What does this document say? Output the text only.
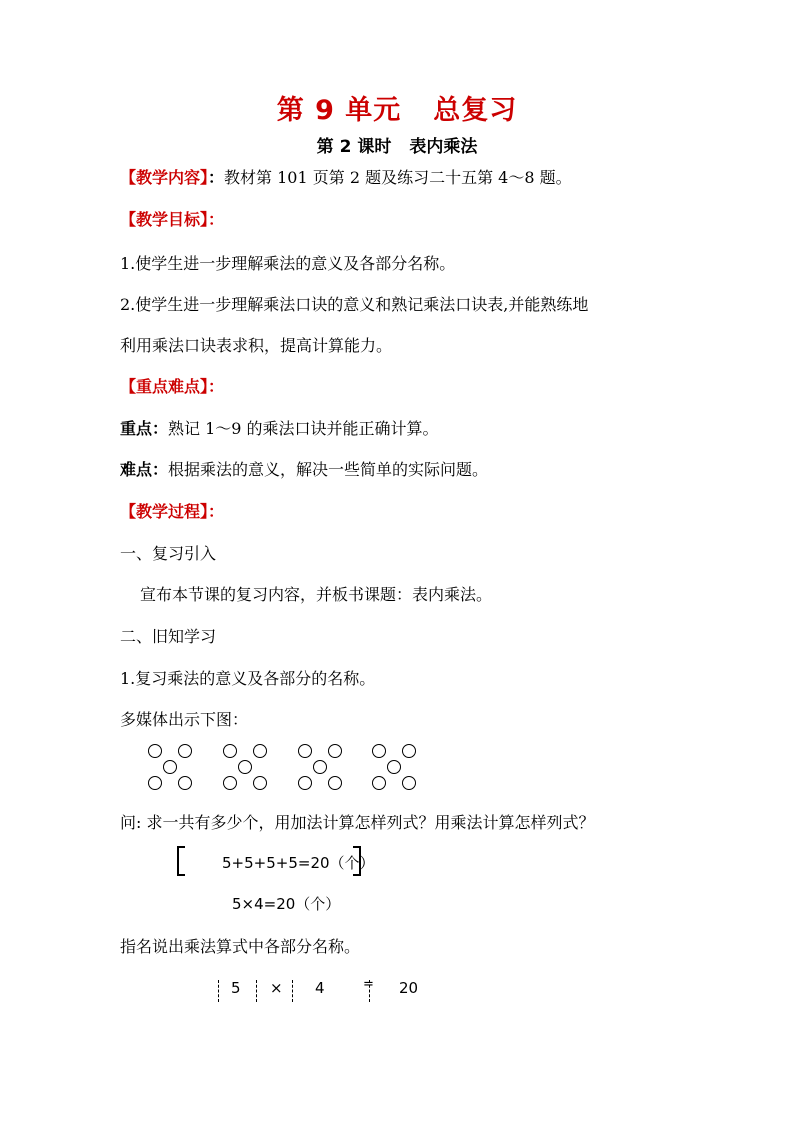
第 9 单元 总复习
第 2 课时 表内乘法
【教学内容】：教材第 101 页第 2 题及练习二十五第 4～8 题。
【教学目标】：
1.使学生进一步理解乘法的意义及各部分名称。
2.使学生进一步理解乘法口诀的意义和熟记乘法口诀表,并能熟练地
利用乘法口诀表求积，提高计算能力。
【重点难点】：
重点：熟记 1～9 的乘法口诀并能正确计算。
难点：根据乘法的意义，解决一些简单的实际问题。
【教学过程】：
一、复习引入
宣布本节课的复习内容，并板书课题：表内乘法。
二、旧知学习
1.复习乘法的意义及各部分的名称。
多媒体出示下图：
问: 求一共有多少个，用加法计算怎样列式？用乘法计算怎样列式？
5+5+5+5=20（个）
5×4=20（个）
指名说出乘法算式中各部分名称。
5 × 4	= 20
